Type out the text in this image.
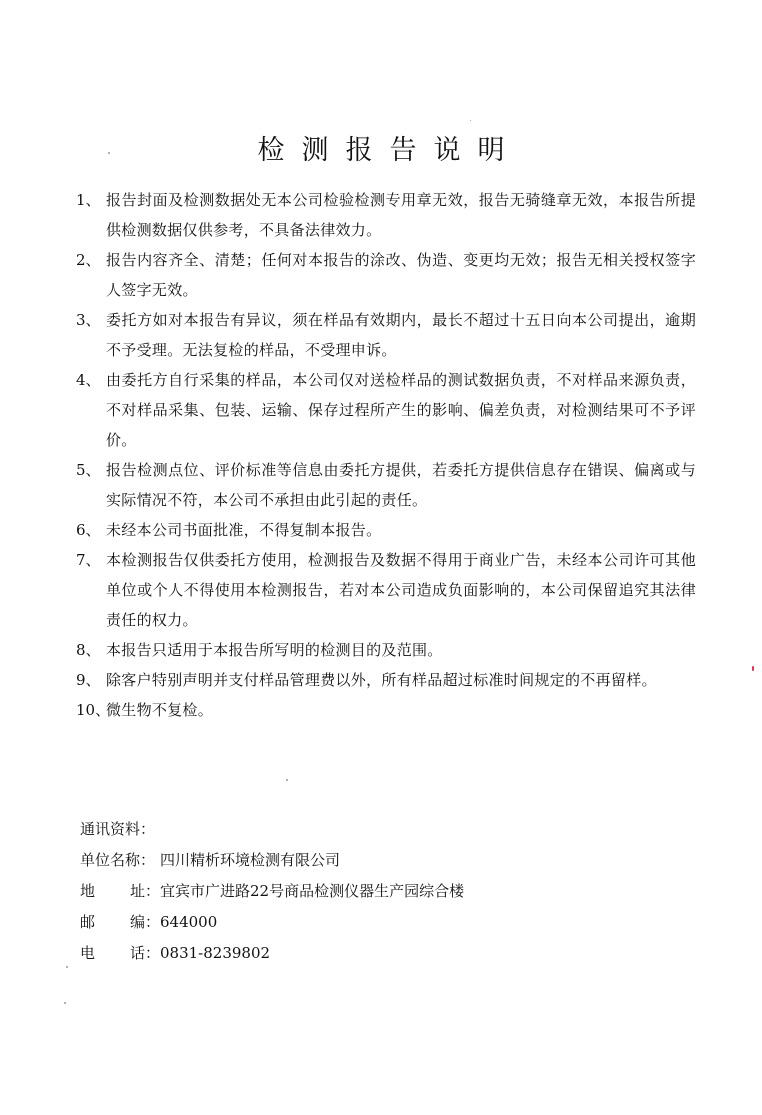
检测报告说明
1、 报告封面及检测数据处无本公司检验检测专用章无效，报告无骑缝章无效，本报告所提供检测数据仅供参考，不具备法律效力。
2、 报告内容齐全、清楚；任何对本报告的涂改、伪造、变更均无效；报告无相关授权签字人签字无效。
3、 委托方如对本报告有异议，须在样品有效期内，最长不超过十五日向本公司提出，逾期不予受理。无法复检的样品，不受理申诉。
4、 由委托方自行采集的样品，本公司仅对送检样品的测试数据负责，不对样品来源负责，不对样品采集、包装、运输、保存过程所产生的影响、偏差负责，对检测结果可不予评价。
5、 报告检测点位、评价标准等信息由委托方提供，若委托方提供信息存在错误、偏离或与实际情况不符，本公司不承担由此引起的责任。
6、 未经本公司书面批准，不得复制本报告。
7、 本检测报告仅供委托方使用，检测报告及数据不得用于商业广告，未经本公司许可其他单位或个人不得使用本检测报告，若对本公司造成负面影响的，本公司保留追究其法律责任的权力。
8、 本报告只适用于本报告所写明的检测目的及范围。
9、 除客户特别声明并支付样品管理费以外，所有样品超过标准时间规定的不再留样。
10、
微生物不复检。
通讯资料：
单位名称： 四川精析环境检测有限公司
地 址： 宜宾市广进路22号商品检测仪器生产园综合楼
邮 编： 644000
电 话： 0831-8239802
